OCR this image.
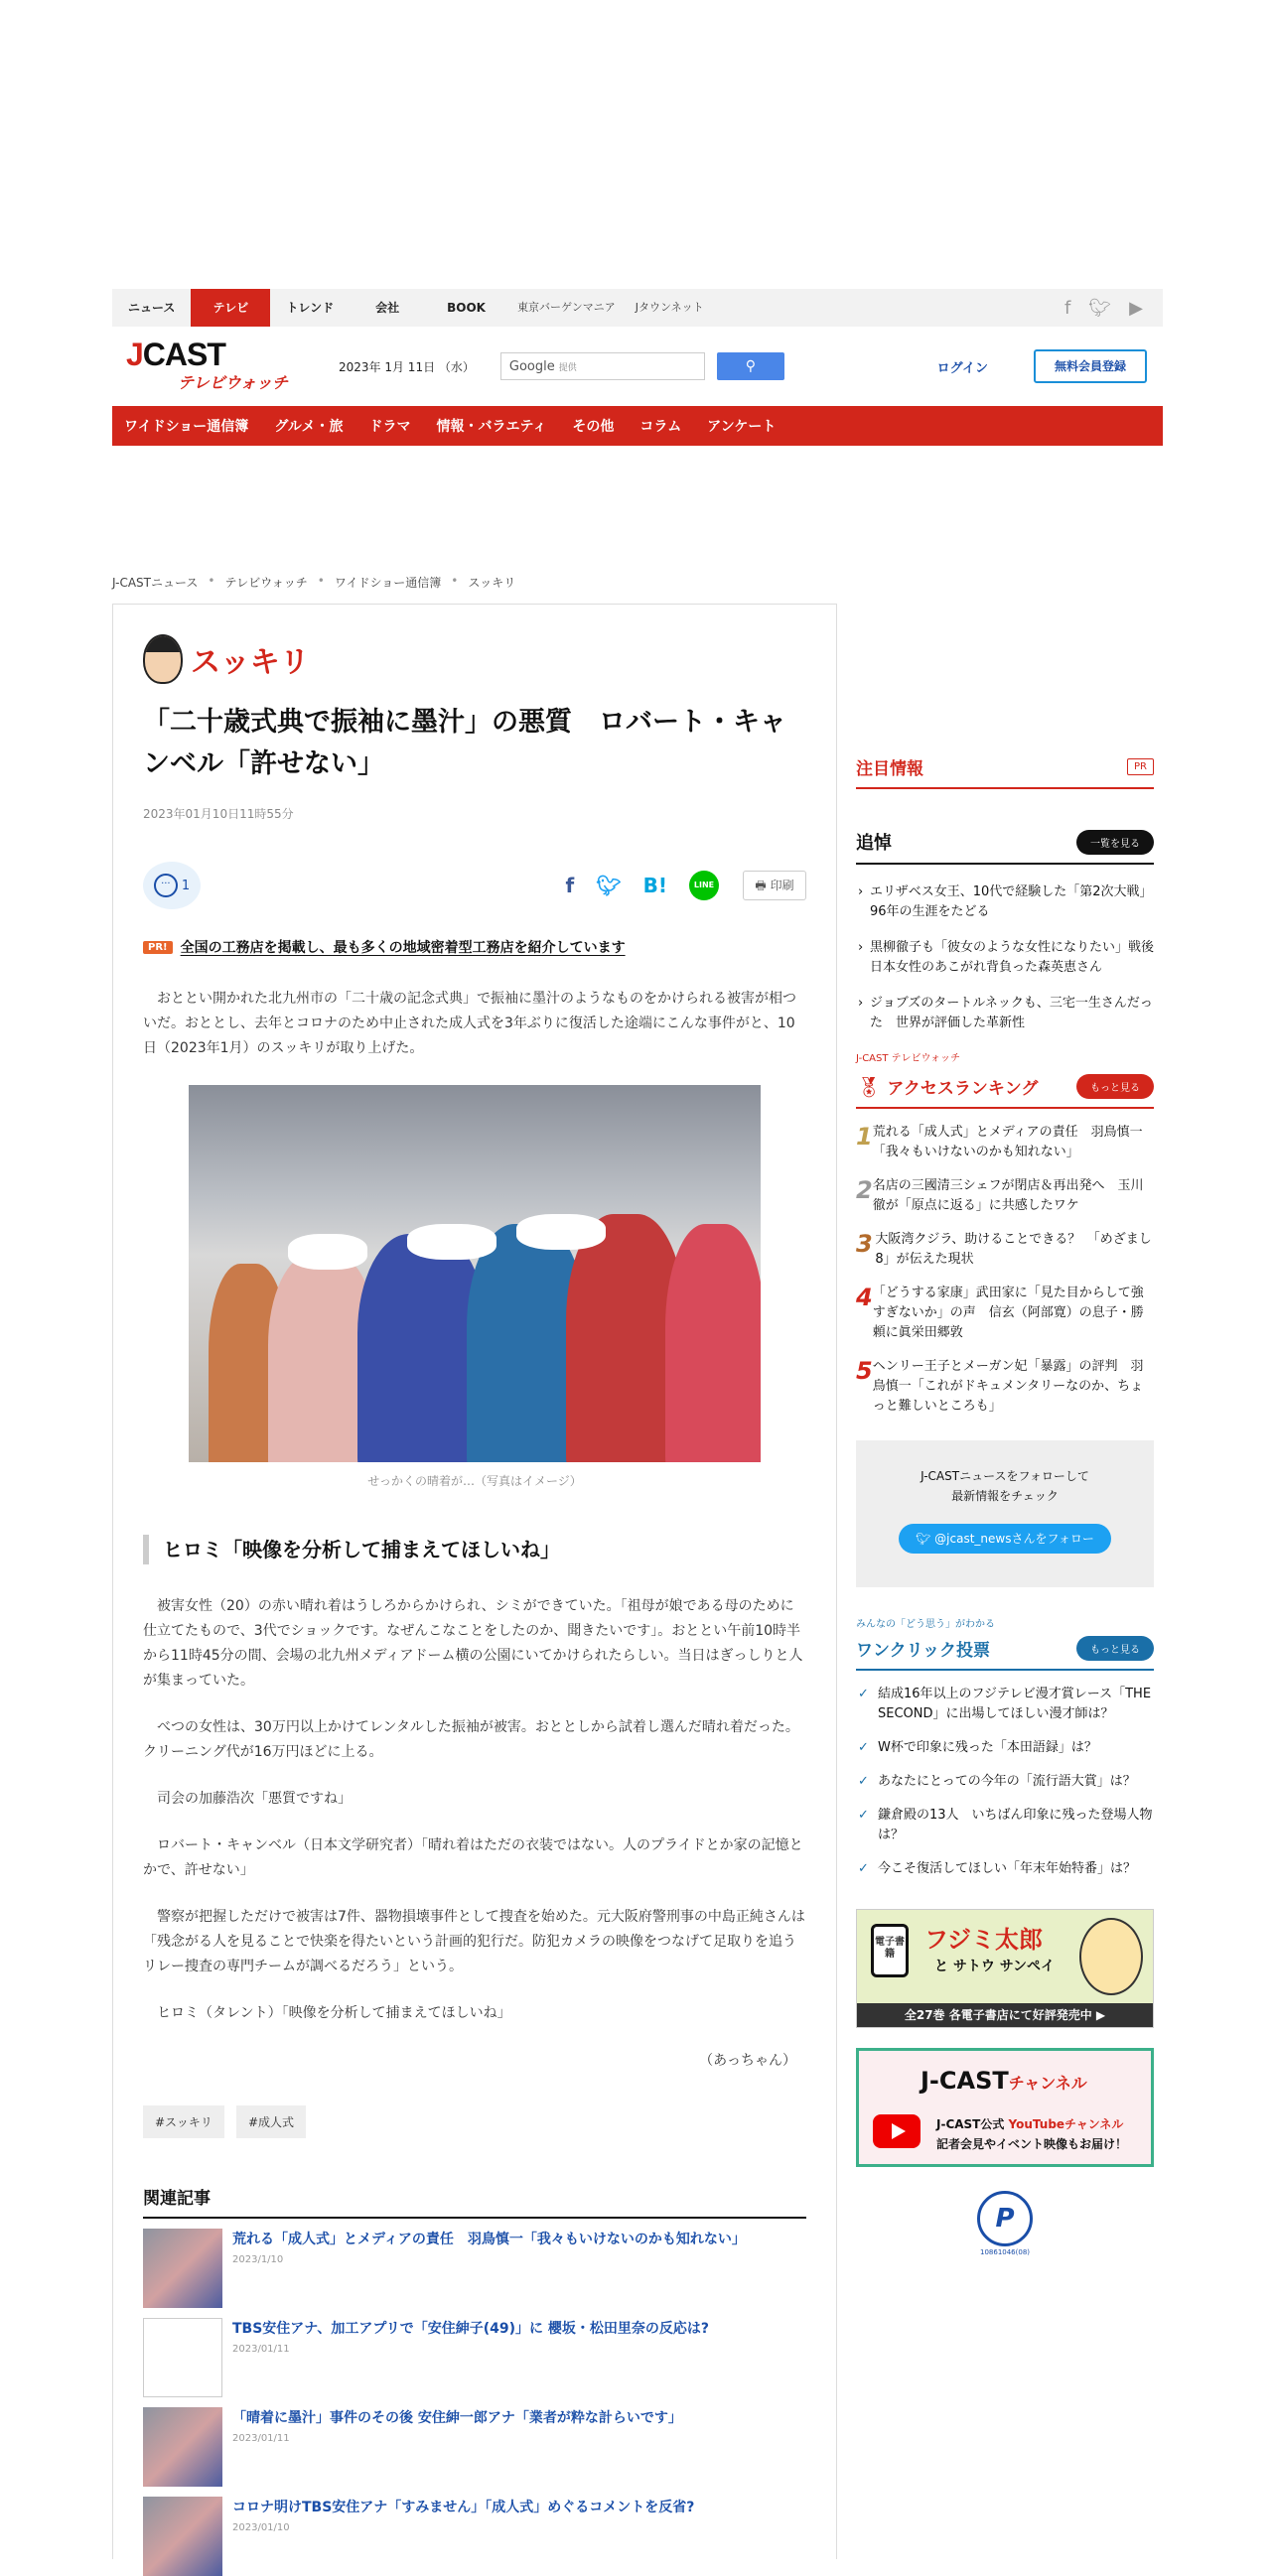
ニュース	テレビ	トレンド	会社	BOOK	東京バーゲンマニア	Jタウンネット	f 🐦︎ ▶
JCAST
テレビウォッチ
2023年 1月 11日 （水）	Google 提供	⚲	ログイン	無料会員登録
ワイドショー通信簿 グルメ・旅 ドラマ 情報・バラエティ その他 コラム アンケート
J-CASTニュース • テレビウォッチ • ワイドショー通信簿 • スッキリ
スッキリ
「二十歳式典で振袖に墨汁」の悪質　ロバート・キャンベル「許せない」
2023年01月10日11時55分
··· 1	f 🐦︎ B!	LINE	🖶︎ 印刷
PR! 全国の工務店を掲載し、最も多くの地域密着型工務店を紹介しています

おととい開かれた北九州市の「二十歳の記念式典」で振袖に墨汁のようなものをかけられる被害が相ついだ。おととし、去年とコロナのため中止された成人式を3年ぶりに復活した途端にこんな事件がと、10日（2023年1月）のスッキリが取り上げた。

せっかくの晴着が…（写真はイメージ）
ヒロミ「映像を分析して捕まえてほしいね」

被害女性（20）の赤い晴れ着はうしろからかけられ、シミができていた。「祖母が娘である母のために仕立てたもので、3代でショックです。なぜんこなことをしたのか、聞きたいです」。おととい午前10時半から11時45分の間、会場の北九州メディアドーム横の公園にいてかけられたらしい。当日はぎっしりと人が集まっていた。

べつの女性は、30万円以上かけてレンタルした振袖が被害。おととしから試着し選んだ晴れ着だった。クリーニング代が16万円ほどに上る。

司会の加藤浩次「悪質ですね」

ロバート・キャンベル（日本文学研究者）「晴れ着はただの衣装ではない。人のプライドとか家の記憶とかで、許せない」

警察が把握しただけで被害は7件、器物損壊事件として捜査を始めた。元大阪府警刑事の中島正純さんは「残念がる人を見ることで快楽を得たいという計画的犯行だ。防犯カメラの映像をつなげて足取りを追うリレー捜査の専門チームが調べるだろう」という。

ヒロミ（タレント）「映像を分析して捕まえてほしいね」

（あっちゃん）
#スッキリ	#成人式
関連記事
荒れる「成人式」とメディアの責任　羽鳥慎一「我々もいけないのかも知れない」
2023/1/10
TBS安住アナ、加工アプリで「安住紳子(49)」に 櫻坂・松田里奈の反応は?
2023/01/11
「晴着に墨汁」事件のその後 安住紳一郎アナ「業者が粋な計らいです」
2023/01/11
コロナ明けTBS安住アナ「すみません」「成人式」めぐるコメントを反省?
2023/01/10
注目情報	PR
追悼	一覧を見る
› エリザベス女王、10代で経験した「第2次大戦」　96年の生涯をたどる
› 黒柳徹子も「彼女のような女性になりたい」戦後日本女性のあこがれ背負った森英恵さん
› ジョブズのタートルネックも、三宅一生さんだった　世界が評価した革新性
J-CAST テレビウォッチ
🏅︎ アクセスランキング	もっと見る
1 荒れる「成人式」とメディアの責任　羽鳥慎一「我々もいけないのかも知れない」
2 名店の三國清三シェフが閉店＆再出発へ　玉川徹が「原点に返る」に共感したワケ
3 大阪湾クジラ、助けることできる？　「めざまし8」が伝えた現状
4 「どうする家康」武田家に「見た目からして強すぎないか」の声　信玄（阿部寛）の息子・勝頼に眞栄田郷敦
5 ヘンリー王子とメーガン妃「暴露」の評判　羽鳥慎一「これがドキュメンタリーなのか、ちょっと難しいところも」
J-CASTニュースをフォローして
最新情報をチェック
🐦︎ @jcast_newsさんをフォロー
みんなの「どう思う」がわかる
ワンクリック投票	もっと見る
✓ 結成16年以上のフジテレビ漫才賞レース「THE SECOND」に出場してほしい漫才師は？
✓ W杯で印象に残った「本田語録」は？
✓ あなたにとっての今年の「流行語大賞」は？
✓ 鎌倉殿の13人　いちばん印象に残った登場人物は？
✓ 今こそ復活してほしい「年末年始特番」は？
電子書籍
フジミ太郎
と サトウ サンペイ
全27巻 各電子書店にて好評発売中 ▶
J-CASTチャンネル
J-CAST公式 YouTubeチャンネル
記者会見やイベント映像もお届け！
P
10861046(08)
